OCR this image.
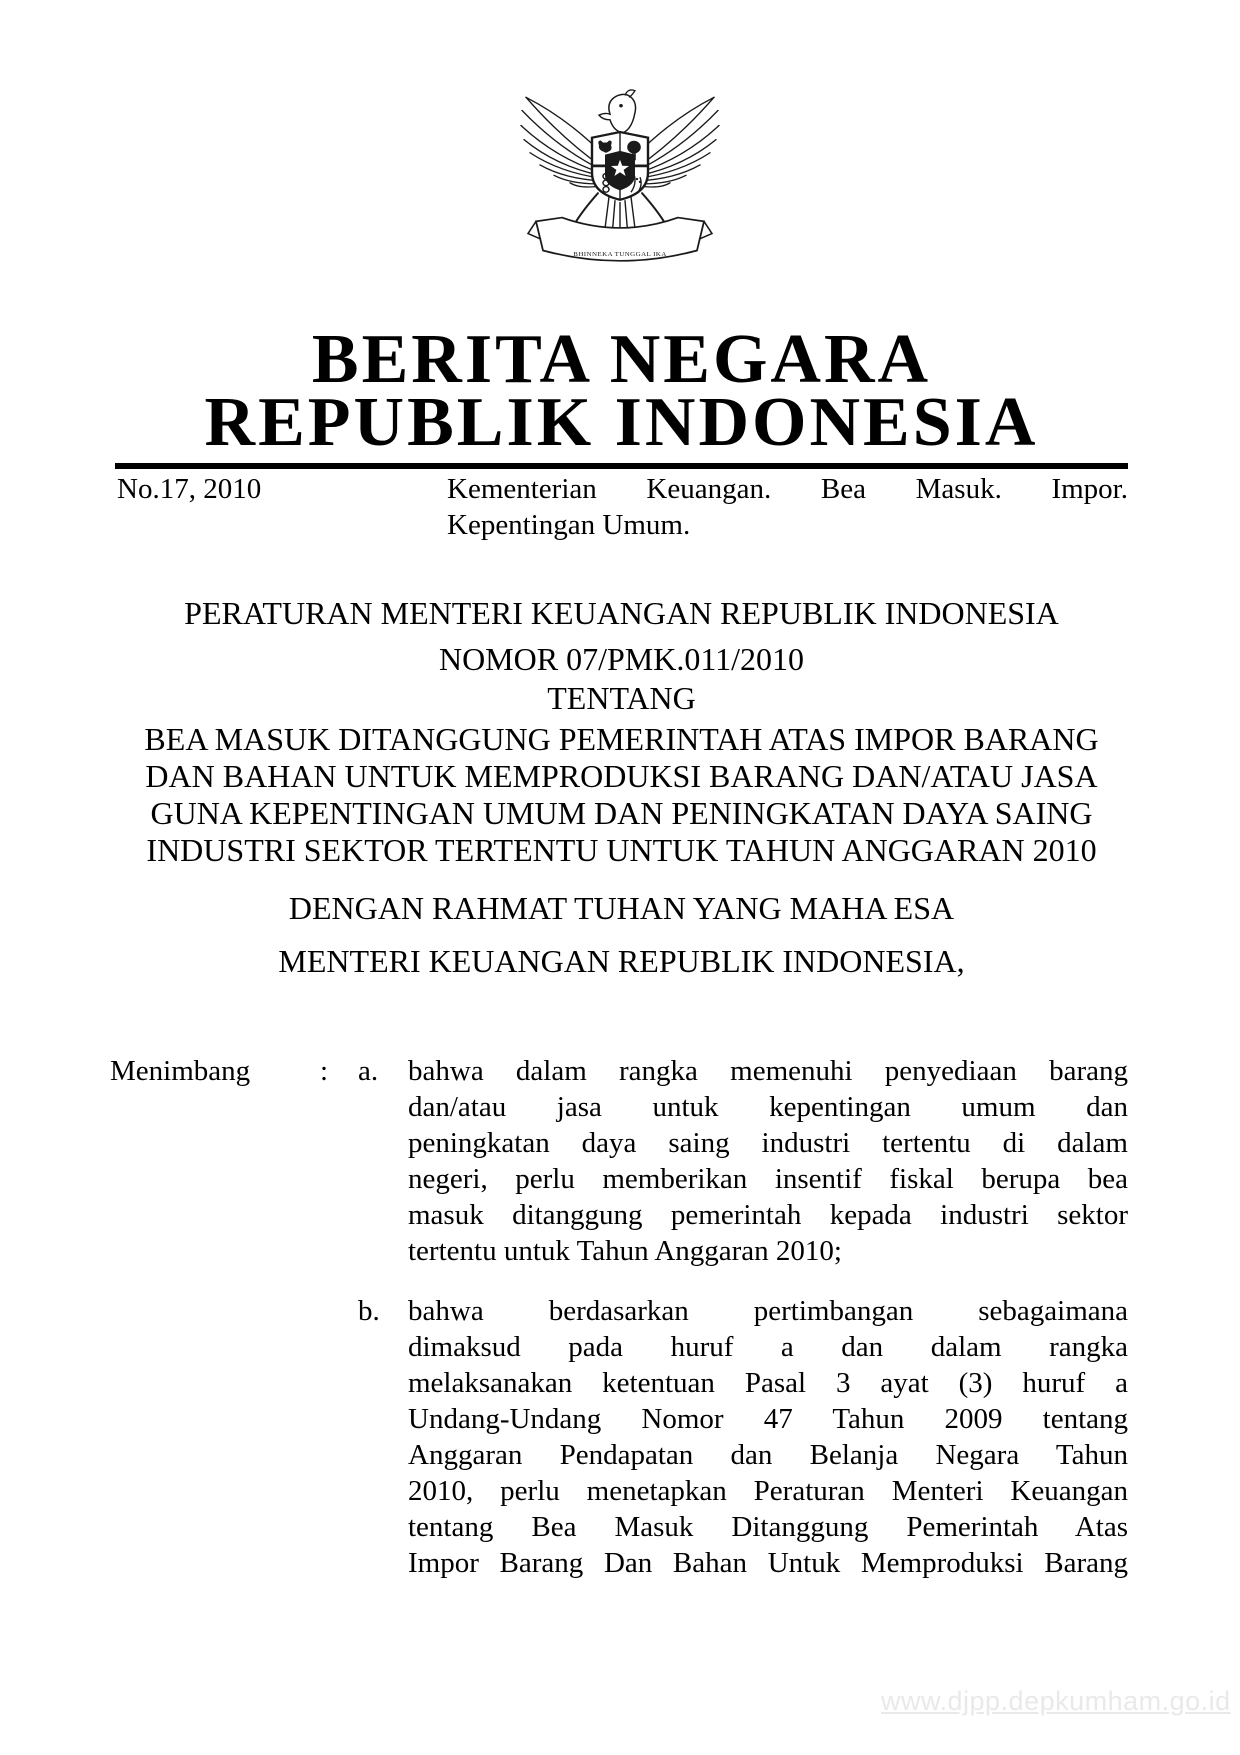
BHINNEKA TUNGGAL IKA
BERITA NEGARA
REPUBLIK INDONESIA
No.17, 2010	Kementerian Keuangan. Bea Masuk. Impor.
Kepentingan Umum.
PERATURAN MENTERI KEUANGAN REPUBLIK INDONESIA
NOMOR 07/PMK.011/2010
TENTANG
BEA MASUK DITANGGUNG PEMERINTAH ATAS IMPOR BARANG
DAN BAHAN UNTUK MEMPRODUKSI BARANG DAN/ATAU JASA
GUNA KEPENTINGAN UMUM DAN PENINGKATAN DAYA SAING
INDUSTRI SEKTOR TERTENTU UNTUK TAHUN ANGGARAN 2010
DENGAN RAHMAT TUHAN YANG MAHA ESA
MENTERI KEUANGAN REPUBLIK INDONESIA,
Menimbang : a. bahwa dalam rangka memenuhi penyediaan barang
dan/atau jasa untuk kepentingan umum dan
peningkatan daya saing industri tertentu di dalam
negeri, perlu memberikan insentif fiskal berupa bea
masuk ditanggung pemerintah kepada industri sektor
tertentu untuk Tahun Anggaran 2010;
b. bahwa berdasarkan pertimbangan sebagaimana
dimaksud pada huruf a dan dalam rangka
melaksanakan ketentuan Pasal 3 ayat (3) huruf a
Undang-Undang Nomor 47 Tahun 2009 tentang
Anggaran Pendapatan dan Belanja Negara Tahun
2010, perlu menetapkan Peraturan Menteri Keuangan
tentang Bea Masuk Ditanggung Pemerintah Atas
Impor Barang Dan Bahan Untuk Memproduksi Barang
www.djpp.depkumham.go.id
